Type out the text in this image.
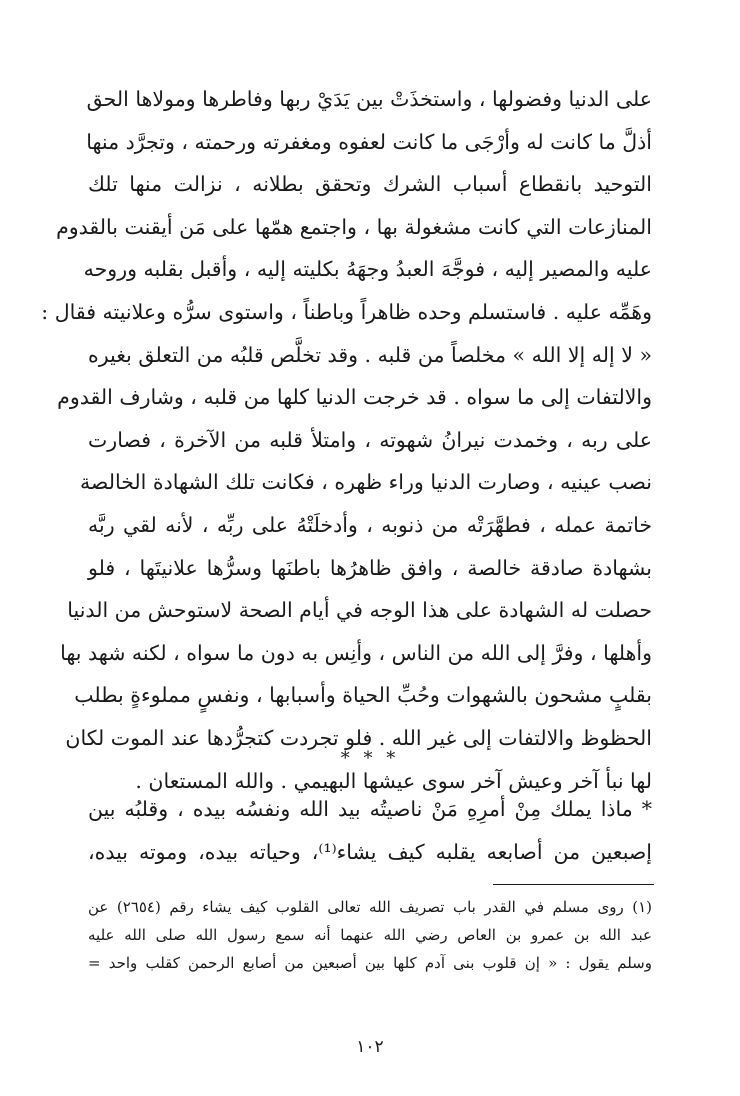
على الدنيا وفضولها ، واستخذَتْ بين يَدَيْ ربها وفاطرها ومولاها الحق
أذلَّ ما كانت له وأرْجَى ما كانت لعفوه ومغفرته ورحمته ، وتجرَّد منها
التوحيد بانقطاع أسباب الشرك وتحقق بطلانه ، نزالت منها تلك
المنازعات التي كانت مشغولة بها ، واجتمع همّها على مَن أيقنت بالقدوم
عليه والمصير إليه ، فوجَّهَ العبدُ وجهَهُ بكليته إليه ، وأقبل بقلبه وروحه
وهَمِّه عليه . فاستسلم وحده ظاهراً وباطناً ، واستوى سرُّه وعلانيته فقال :
« لا إله إلا الله » مخلصاً من قلبه . وقد تخلَّص قلبُه من التعلق بغيره
والالتفات إلى ما سواه . قد خرجت الدنيا كلها من قلبه ، وشارف القدوم
على ربه ، وخمدت نيرانُ شهوته ، وامتلأ قلبه من الآخرة ، فصارت
نصب عينيه ، وصارت الدنيا وراء ظهره ، فكانت تلك الشهادة الخالصة
خاتمة عمله ، فطهَّرَتْه من ذنوبه ، وأدخلَتْهُ على ربِّه ، لأنه لقي ربَّه
بشهادة صادقة خالصة ، وافق ظاهرُها باطنَها وسرُّها علانيتَها ، فلو
حصلت له الشهادة على هذا الوجه في أيام الصحة لاستوحش من الدنيا
وأهلها ، وفرَّ إلى الله من الناس ، وأنِس به دون ما سواه ، لكنه شهد بها
بقلبٍ مشحون بالشهوات وحُبِّ الحياة وأسبابها ، ونفسٍ مملوءةٍ بطلب
الحظوظ والالتفات إلى غير الله . فلو تجردت كتجرُّدها عند الموت لكان
لها نبأ آخر وعيش آخر سوى عيشها البهيمي . والله المستعان .
* * *
* ماذا يملك مِنْ أمرِهِ مَنْ ناصيتُه بيد الله ونفسُه بيده ، وقلبُه بين
إصبعين من أصابعه يقلبه كيف يشاء⁽¹⁾، وحياته بيده، وموته بيده،
(١) روى مسلم في القدر باب تصريف الله تعالى القلوب كيف يشاء رقم (٢٦٥٤) عن
عبد الله بن عمرو بن العاص رضي الله عنهما أنه سمع رسول الله صلى الله عليه
وسلم يقول : « إن قلوب بنى آدم كلها بين أصبعين من أصابع الرحمن كقلب واحد =
١٠٢
